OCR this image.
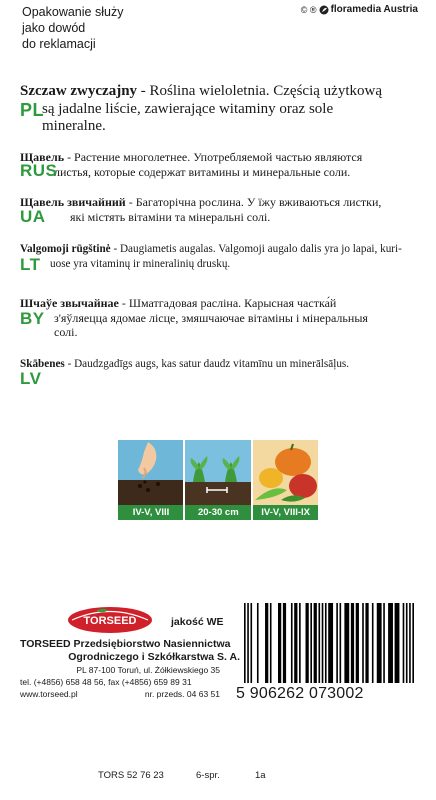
Opakowanie służy
jako dowód
do reklamacji
© ® floramedia Austria
PL
Szczaw zwyczajny - Roślina wieloletnia. Częścią użytkową
są jadalne liście, zawierające witaminy oraz sole
mineralne.
RUS
Щавель - Растение многолетнее. Употребляемой частью являются
листья, которые содержат витамины и минеральные соли.
UA
Щавель звичайний - Багаторічна рослина. У їжу вживаються листки,
які містять вітаміни та мінеральні солі.
LT
Valgomoji rūgštinė - Daugiametis augalas. Valgomoji augalo dalis yra jo lapai, kuri-
uose yra vitaminų ir mineralinių druskų.
BY
Шчаўе звычайнае - Шматгадовая расліна. Карысная частка́й
з'яўляецца ядомае лісце, змяшчаючае вітаміны і мінеральныя
солі.
LV
Skābenes - Daudzgadīgs augs, kas satur daudz vitamīnu un minerālsāļus.
IV-V, VIII	20-30 cm	IV-V, VIII-IX
TORSEED	jakość WE
TORSEED Przedsiębiorstwo Nasiennictwa
Ogrodniczego i Szkółkarstwa S. A.
PL 87-100 Toruń, ul. Żółkiewskiego 35
tel. (+4856) 658 48 56, fax (+4856) 659 89 31
www.torseed.pl	nr. przeds. 04 63 51 5 906262 073002
TORS 52 76 23	6-spr.	1a
